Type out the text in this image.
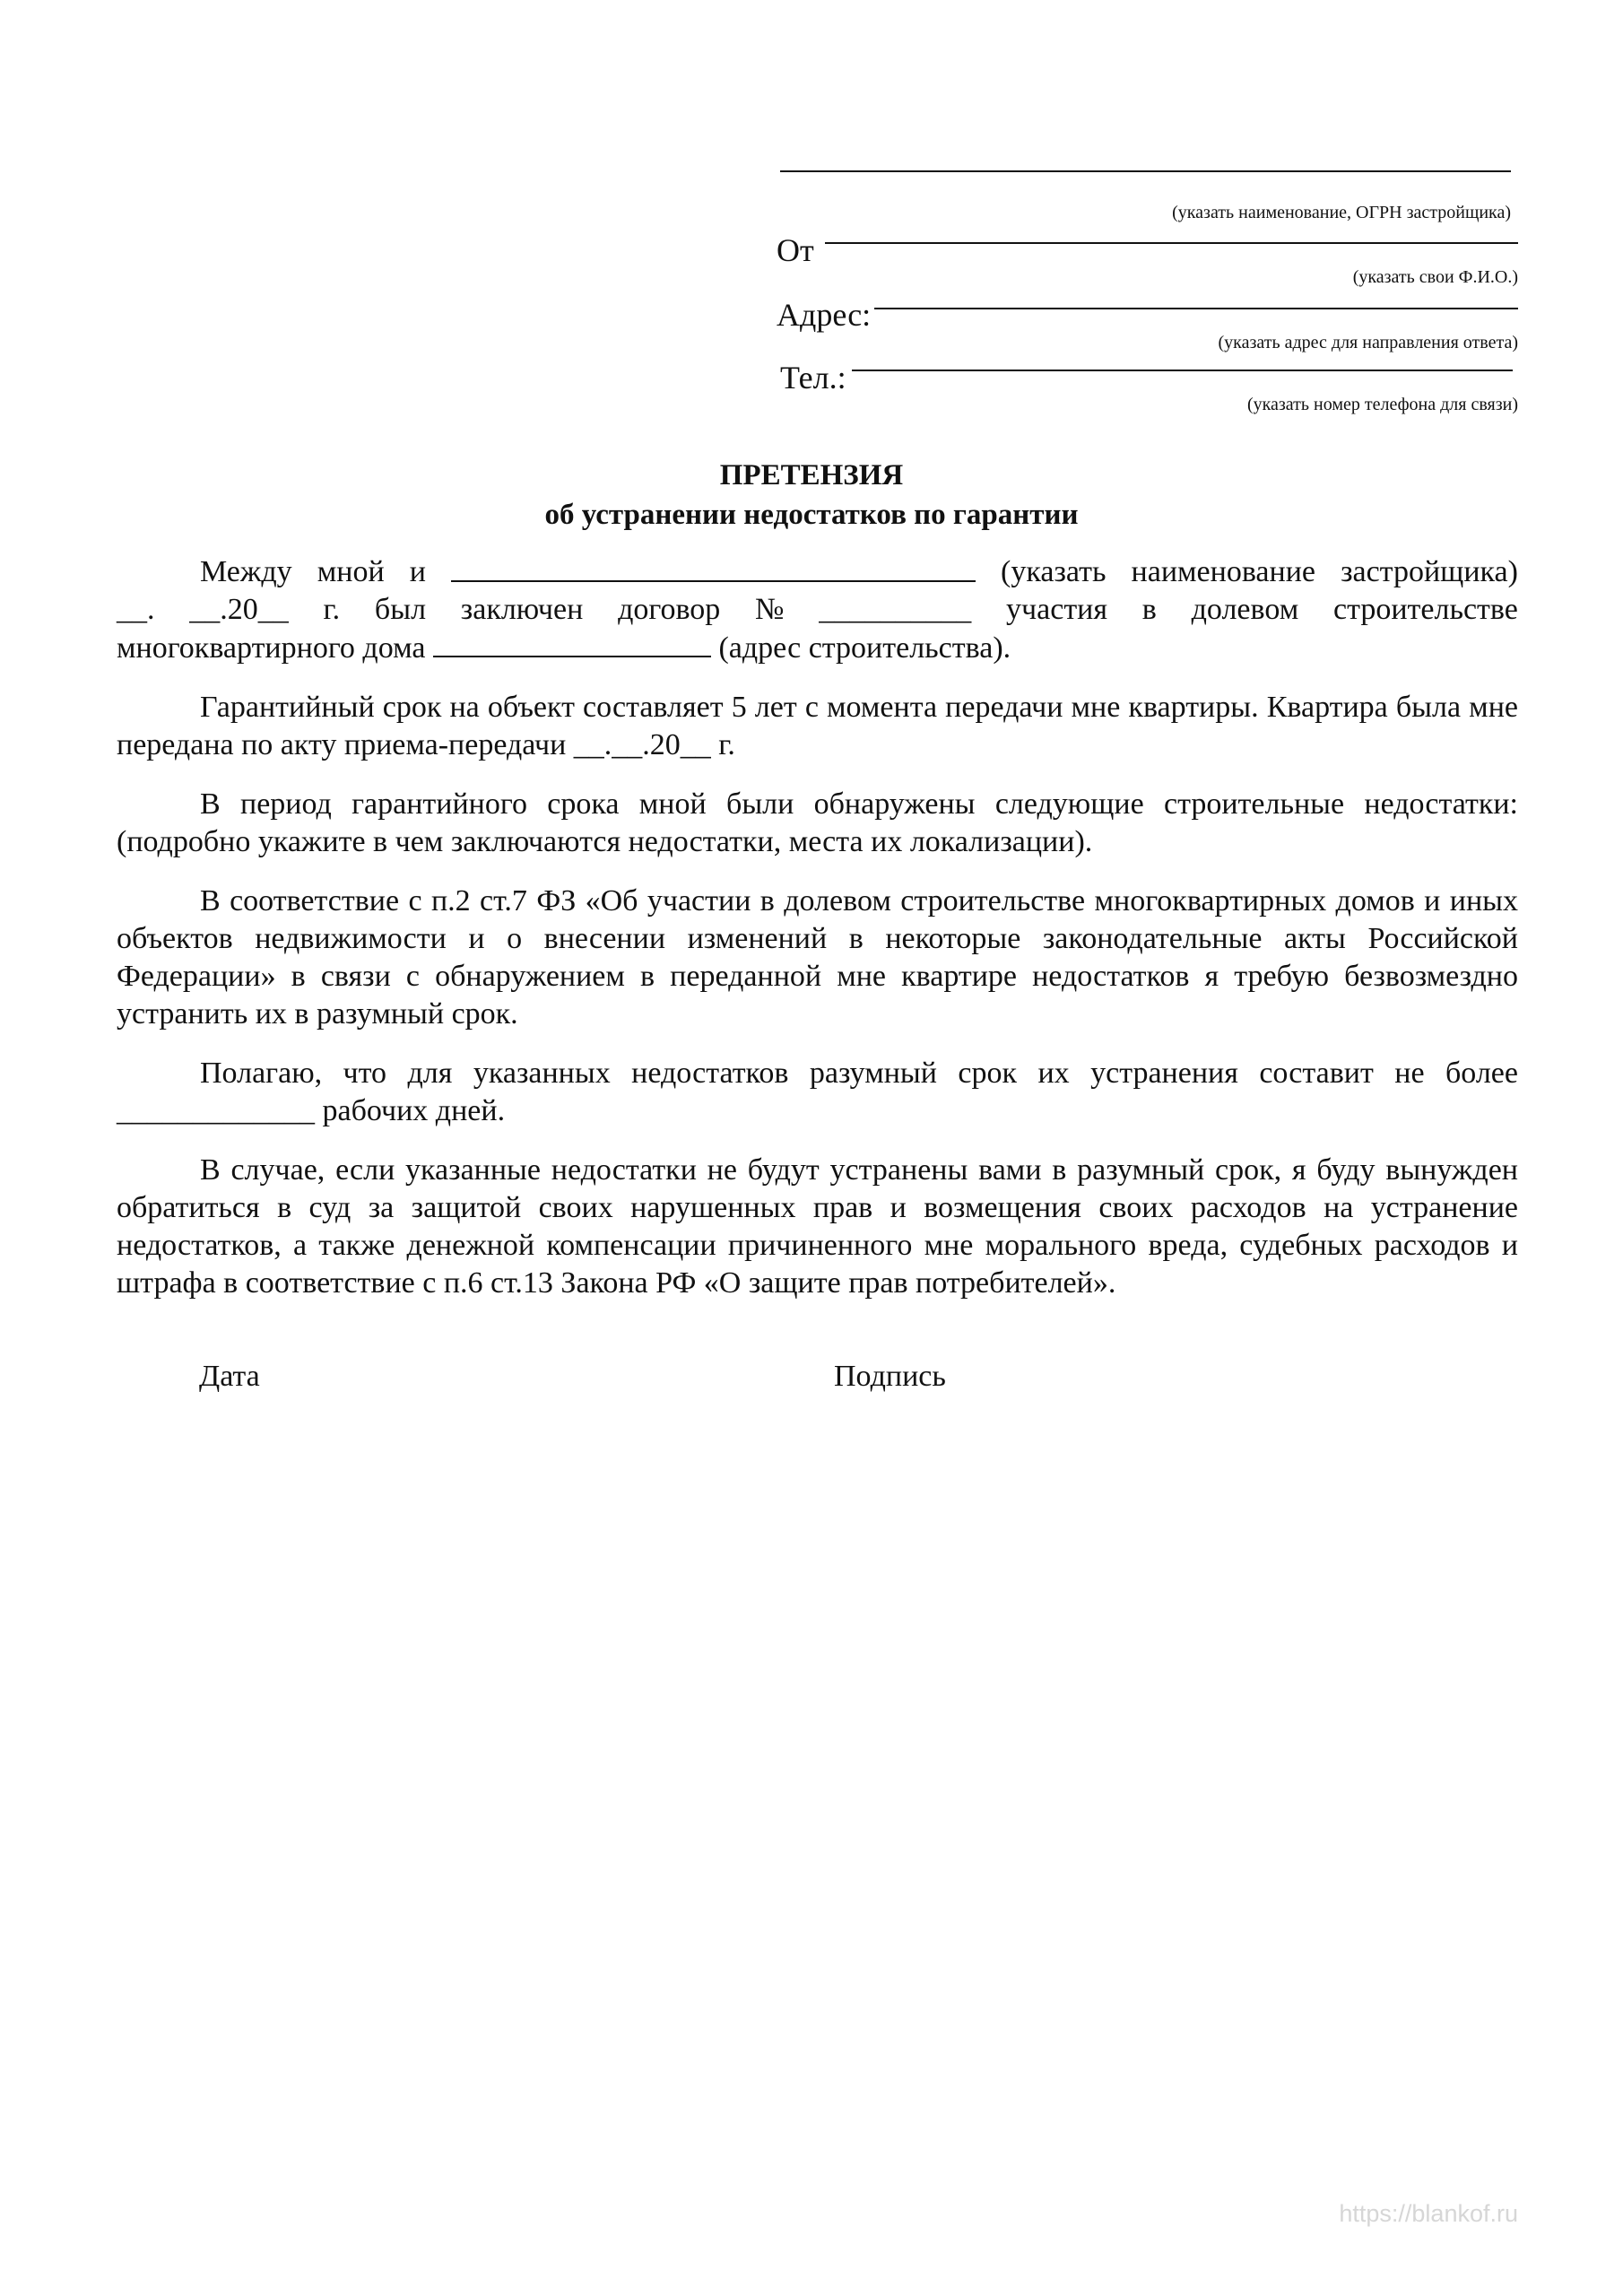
(указать наименование, ОГРН застройщика)
От
(указать свои Ф.И.О.)
Адрес:
(указать адрес для направления ответа)
Тел.:
(указать номер телефона для связи)
ПРЕТЕНЗИЯ
об устранении недостатков по гарантии
Между мной и	(указать наименование застройщика)
__. __.20__ г. был заключен договор № __________ участия в долевом строительстве
многоквартирного дома	(адрес строительства).

Гарантийный срок на объект составляет 5 лет с момента передачи мне квартиры. Квартира была мне передана по акту приема-передачи __.__.20__ г.

В период гарантийного срока мной были обнаружены следующие строительные недостатки: (подробно укажите в чем заключаются недостатки, места их локализации).

В соответствие с п.2 ст.7 ФЗ «Об участии в долевом строительстве многоквартирных домов и иных объектов недвижимости и о внесении изменений в некоторые законодательные акты Российской Федерации» в связи с обнаружением в переданной мне квартире недостатков я требую безвозмездно устранить их в разумный срок.

Полагаю, что для указанных недостатков разумный срок их устранения составит не более
_____________ рабочих дней.

В случае, если указанные недостатки не будут устранены вами в разумный срок, я буду вынужден обратиться в суд за защитой своих нарушенных прав и возмещения своих расходов на устранение недостатков, а также денежной компенсации причиненного мне морального вреда, судебных расходов и штрафа в соответствие с п.6 ст.13 Закона РФ «О защите прав потребителей».

Дата	Подпись
https://blankof.ru
